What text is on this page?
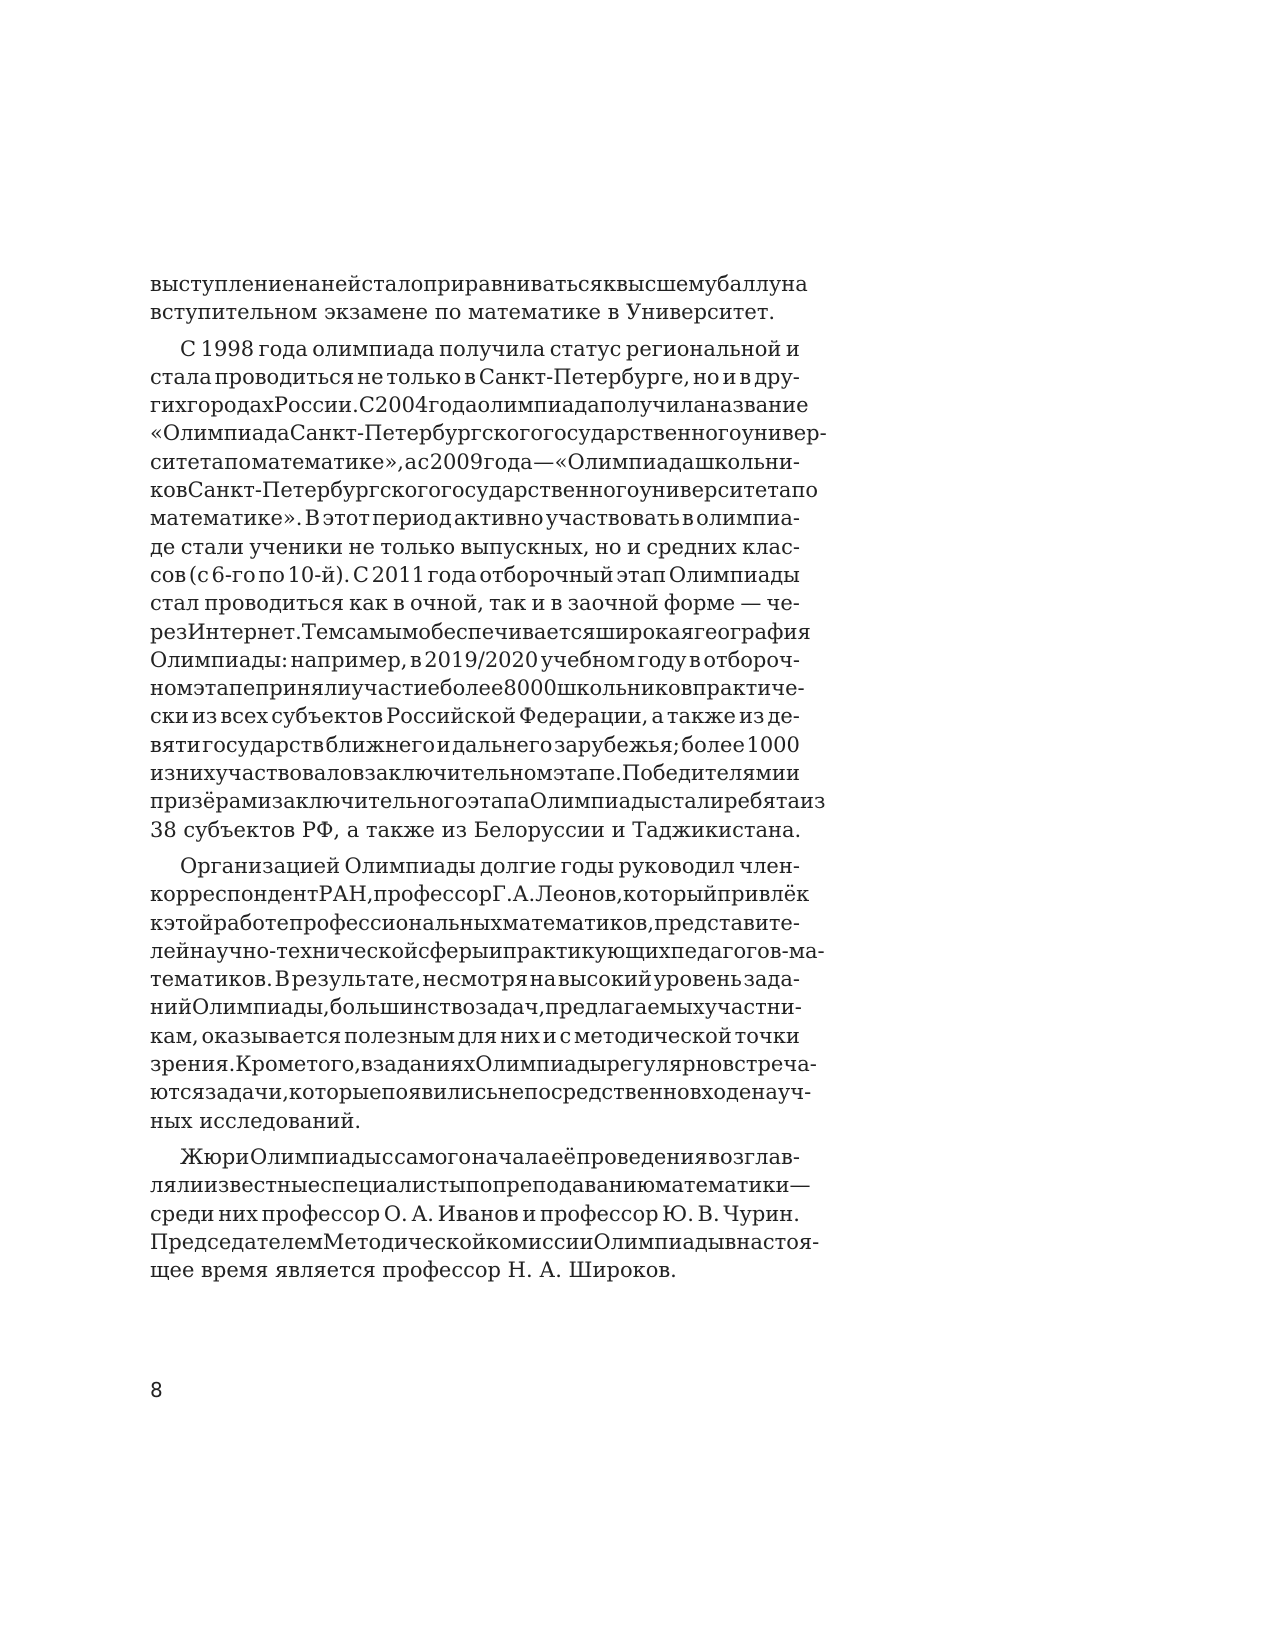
выступление на ней стало приравниваться к высшему баллу на
вступительном экзамене по математике в Университет.
С 1998 года олимпиада получила статус региональной и
стала проводиться не только в Санкт-Петербурге, но и в дру-
гих городах России. С 2004 года олимпиада получила название
«Олимпиада Санкт-Петербургского государственного универ-
ситета по математике», а с 2009 года — «Олимпиада школьни-
ков Санкт-Петербургского государственного университета по
математике». В этот период активно участвовать в олимпиа-
де стали ученики не только выпускных, но и средних клас-
сов (с 6-го по 10-й). С 2011 года отборочный этап Олимпиады
стал проводиться как в очной, так и в заочной форме — че-
рез Интернет. Тем самым обеспечивается широкая география
Олимпиады: например, в 2019/2020 учебном году в отбороч-
ном этапе приняли участие более 8000 школьников практиче-
ски из всех субъектов Российской Федерации, а также из де-
вяти государств ближнего и дальнего зарубежья; более 1000
из них участвовало в заключительном этапе. Победителями и
призёрами заключительного этапа Олимпиады стали ребята из
38 субъектов РФ, а также из Белоруссии и Таджикистана.
Организацией Олимпиады долгие годы руководил член-
корреспондент РАН, профессор Г. А. Леонов, который привлёк
к этой работе профессиональных математиков, представите-
лей научно-технической сферы и практикующих педагогов-ма-
тематиков. В результате, несмотря на высокий уровень зада-
ний Олимпиады, большинство задач, предлагаемых участни-
кам, оказывается полезным для них и с методической точки
зрения. Кроме того, в заданиях Олимпиады регулярно встреча-
ются задачи, которые появились непосредственно в ходе науч-
ных исследований.
Жюри Олимпиады с самого начала её проведения возглав-
ляли известные специалисты по преподаванию математики —
среди них профессор О. А. Иванов и профессор Ю. В. Чурин.
Председателем Методической комиссии Олимпиады в настоя-
щее время является профессор Н. А. Широков.
8
